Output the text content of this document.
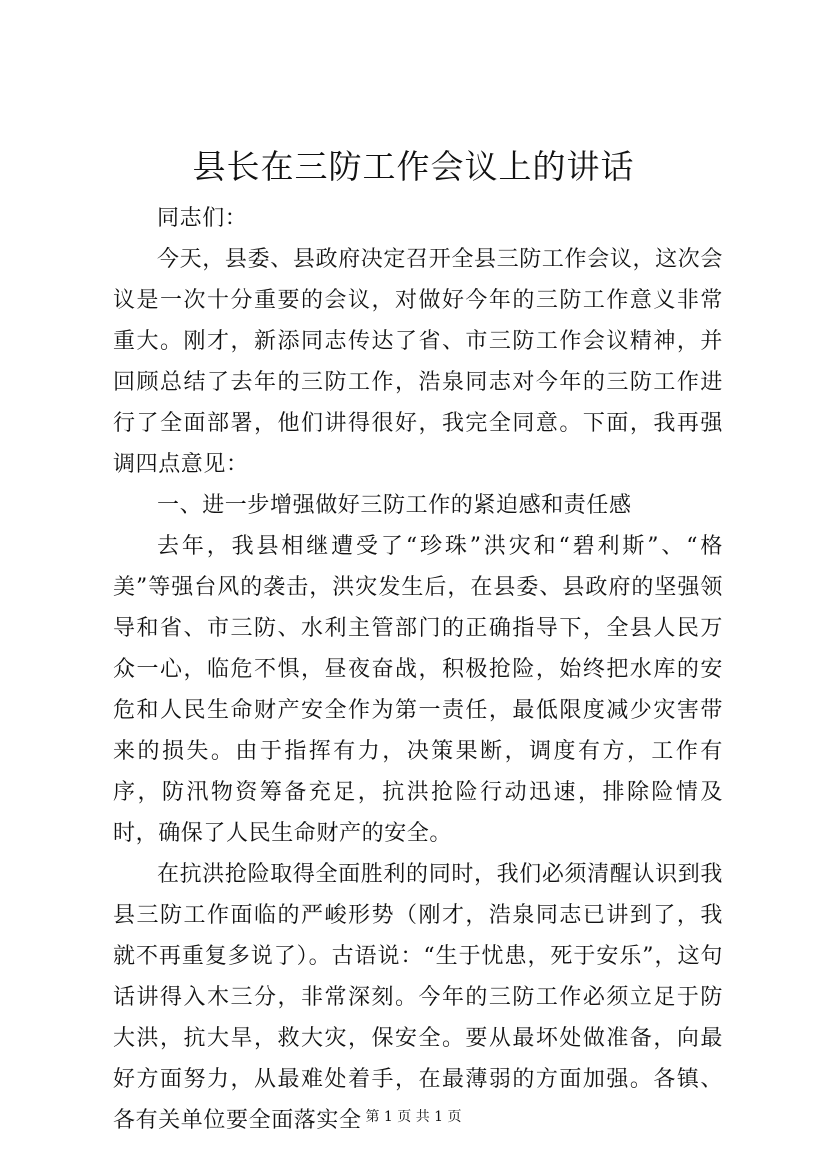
县长在三防工作会议上的讲话

同志们：

今天，县委、县政府决定召开全县三防工作会议，这次会议是一次十分重要的会议，对做好今年的三防工作意义非常重大。刚才，新添同志传达了省、市三防工作会议精神，并回顾总结了去年的三防工作，浩泉同志对今年的三防工作进行了全面部署，他们讲得很好，我完全同意。下面，我再强调四点意见：

一、进一步增强做好三防工作的紧迫感和责任感

去年，我县相继遭受了“珍珠”洪灾和“碧利斯”、“格美”等强台风的袭击，洪灾发生后，在县委、县政府的坚强领导和省、市三防、水利主管部门的正确指导下，全县人民万众一心，临危不惧，昼夜奋战，积极抢险，始终把水库的安危和人民生命财产安全作为第一责任，最低限度减少灾害带来的损失。由于指挥有力，决策果断，调度有方，工作有序，防汛物资筹备充足，抗洪抢险行动迅速，排除险情及时，确保了人民生命财产的安全。

在抗洪抢险取得全面胜利的同时，我们必须清醒认识到我县三防工作面临的严峻形势（刚才，浩泉同志已讲到了，我就不再重复多说了）。古语说：“生于忧患，死于安乐”，这句话讲得入木三分，非常深刻。今年的三防工作必须立足于防大洪，抗大旱，救大灾，保安全。要从最坏处做准备，向最好方面努力，从最难处着手，在最薄弱的方面加强。各镇、各有关单位要全面落实全 第 1 页 共 1 页
